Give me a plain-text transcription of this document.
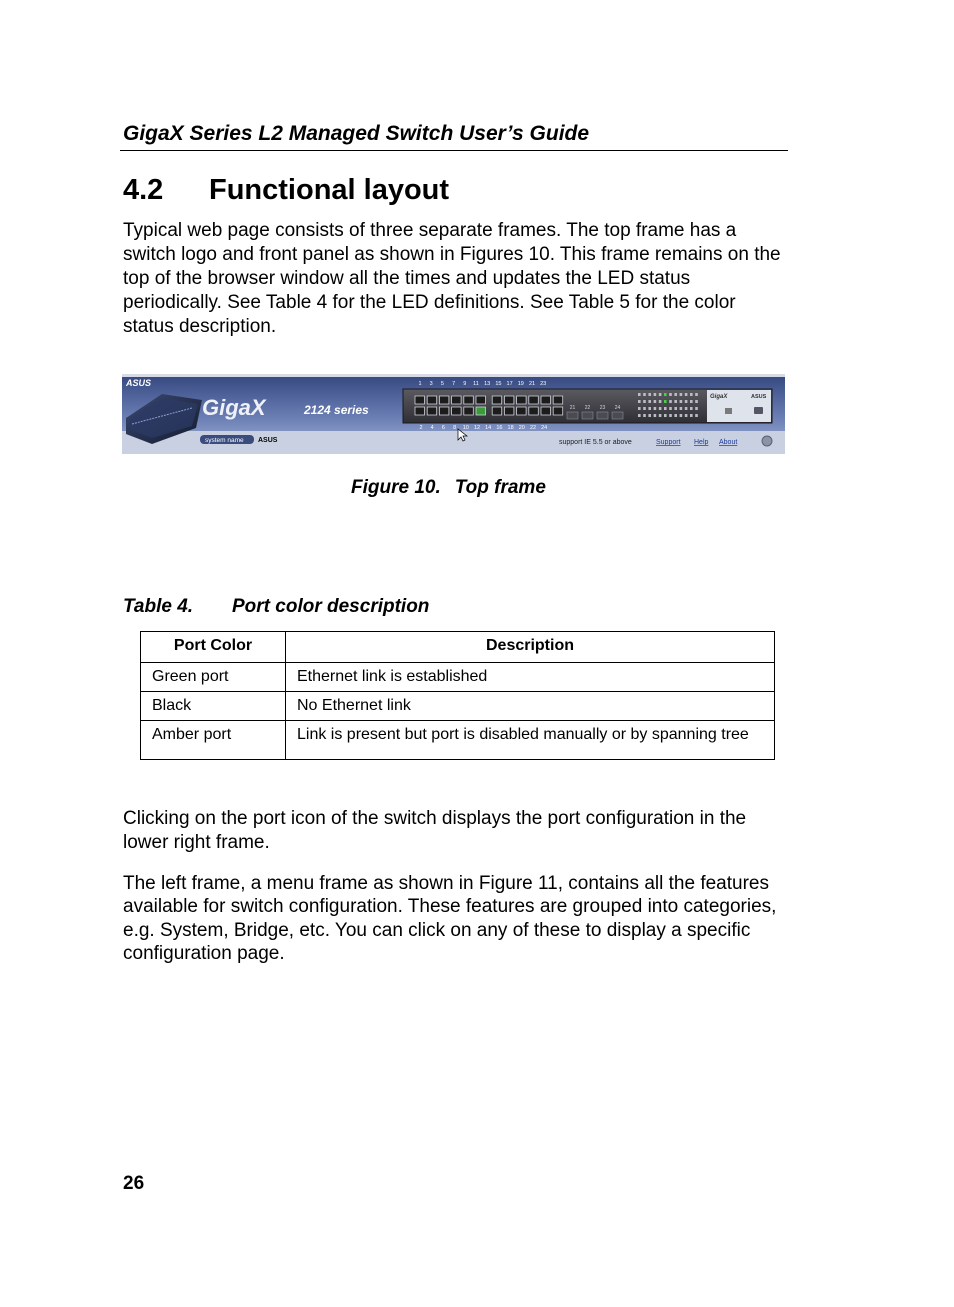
GigaX Series L2 Managed Switch User’s Guide
4.2 Functional layout

Typical web page consists of three separate frames. The top frame has a

switch logo and front panel as shown in Figures 10. This frame remains on the

top of the browser window all the times and updates the LED status

periodically. See Table 4 for the LED definitions. See Table 5 for the color

status description.

ASUS
GigaX	2124 series
system name ASUS
1 3 5 7 9 11 13 15 17 19 21 23
2 4 6 8 10 12 14 16 18 20 22 24
21 22 23 24
GigaX	ASUS
support IE 5.5 or above	Support Help About
Figure 10. Top frame
Table 4. Port color description
Port Color	Description
Green port	Ethernet link is established
Black	No Ethernet link
Amber port	Link is present but port is disabled manually or by spanning tree

Clicking on the port icon of the switch displays the port configuration in the

lower right frame.

The left frame, a menu frame as shown in Figure 11, contains all the features

available for switch configuration. These features are grouped into categories,

e.g. System, Bridge, etc. You can click on any of these to display a specific

configuration page.

26
